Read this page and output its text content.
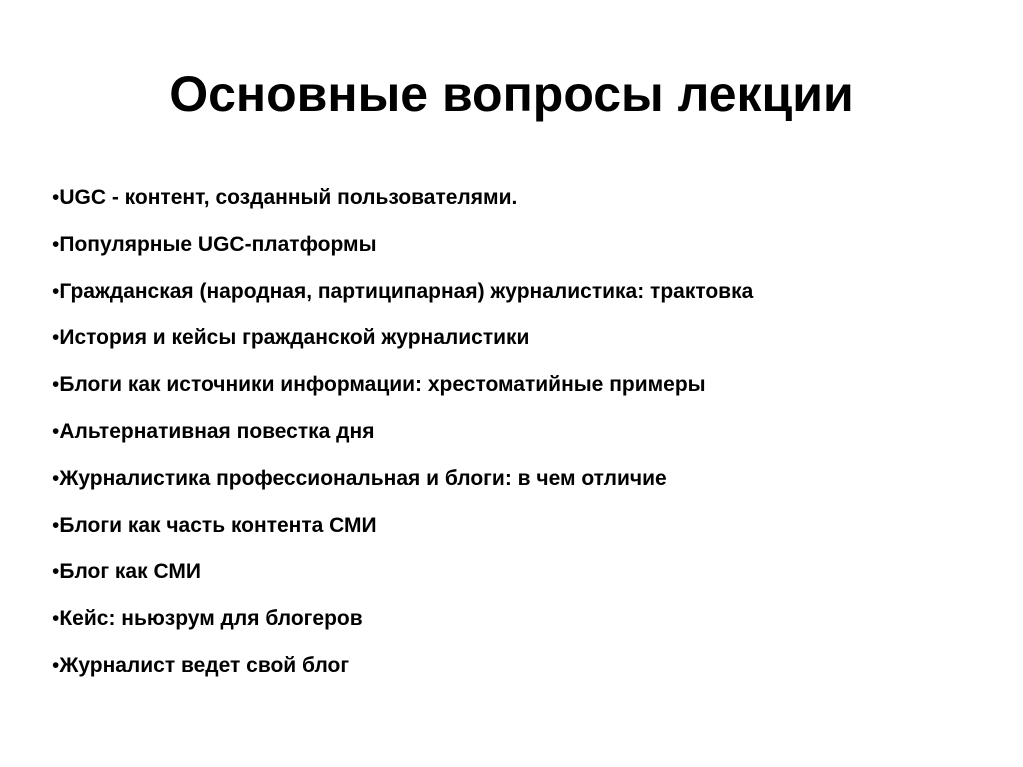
Основные вопросы лекции
•UGC - контент, созданный пользователями.
•Популярные UGC-платформы
•Гражданская (народная, партиципарная) журналистика: трактовка
•История и кейсы гражданской журналистики
•Блоги как источники информации: хрестоматийные примеры
•Альтернативная повестка дня
•Журналистика профессиональная и блоги: в чем отличие
•Блоги как часть контента СМИ
•Блог как СМИ
•Кейс: ньюзрум для блогеров
•Журналист ведет свой блог
